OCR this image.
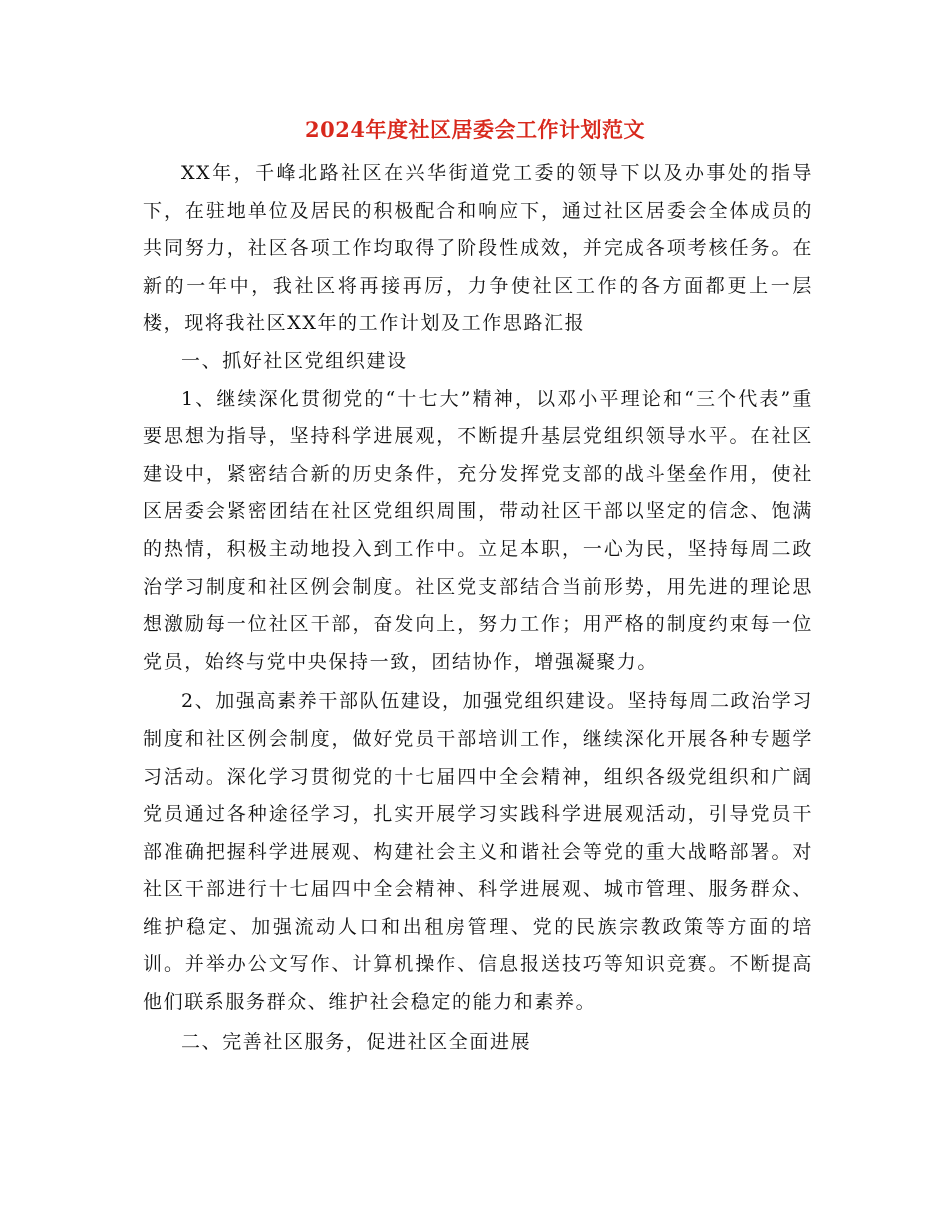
2024年度社区居委会工作计划范文

XX年，千峰北路社区在兴华街道党工委的领导下以及办事处的指导下，在驻地单位及居民的积极配合和响应下，通过社区居委会全体成员的共同努力，社区各项工作均取得了阶段性成效，并完成各项考核任务。在新的一年中，我社区将再接再厉，力争使社区工作的各方面都更上一层楼，现将我社区XX年的工作计划及工作思路汇报

一、抓好社区党组织建设

1、继续深化贯彻党的“十七大”精神，以邓小平理论和“三个代表”重要思想为指导，坚持科学进展观，不断提升基层党组织领导水平。在社区建设中，紧密结合新的历史条件，充分发挥党支部的战斗堡垒作用，使社区居委会紧密团结在社区党组织周围，带动社区干部以坚定的信念、饱满的热情，积极主动地投入到工作中。立足本职，一心为民，坚持每周二政治学习制度和社区例会制度。社区党支部结合当前形势，用先进的理论思想激励每一位社区干部，奋发向上，努力工作；用严格的制度约束每一位党员，始终与党中央保持一致，团结协作，增强凝聚力。

2、加强高素养干部队伍建设，加强党组织建设。坚持每周二政治学习制度和社区例会制度，做好党员干部培训工作，继续深化开展各种专题学习活动。深化学习贯彻党的十七届四中全会精神，组织各级党组织和广阔党员通过各种途径学习，扎实开展学习实践科学进展观活动，引导党员干部准确把握科学进展观、构建社会主义和谐社会等党的重大战略部署。对社区干部进行十七届四中全会精神、科学进展观、城市管理、服务群众、维护稳定、加强流动人口和出租房管理、党的民族宗教政策等方面的培训。并举办公文写作、计算机操作、信息报送技巧等知识竞赛。不断提高他们联系服务群众、维护社会稳定的能力和素养。

二、完善社区服务，促进社区全面进展
